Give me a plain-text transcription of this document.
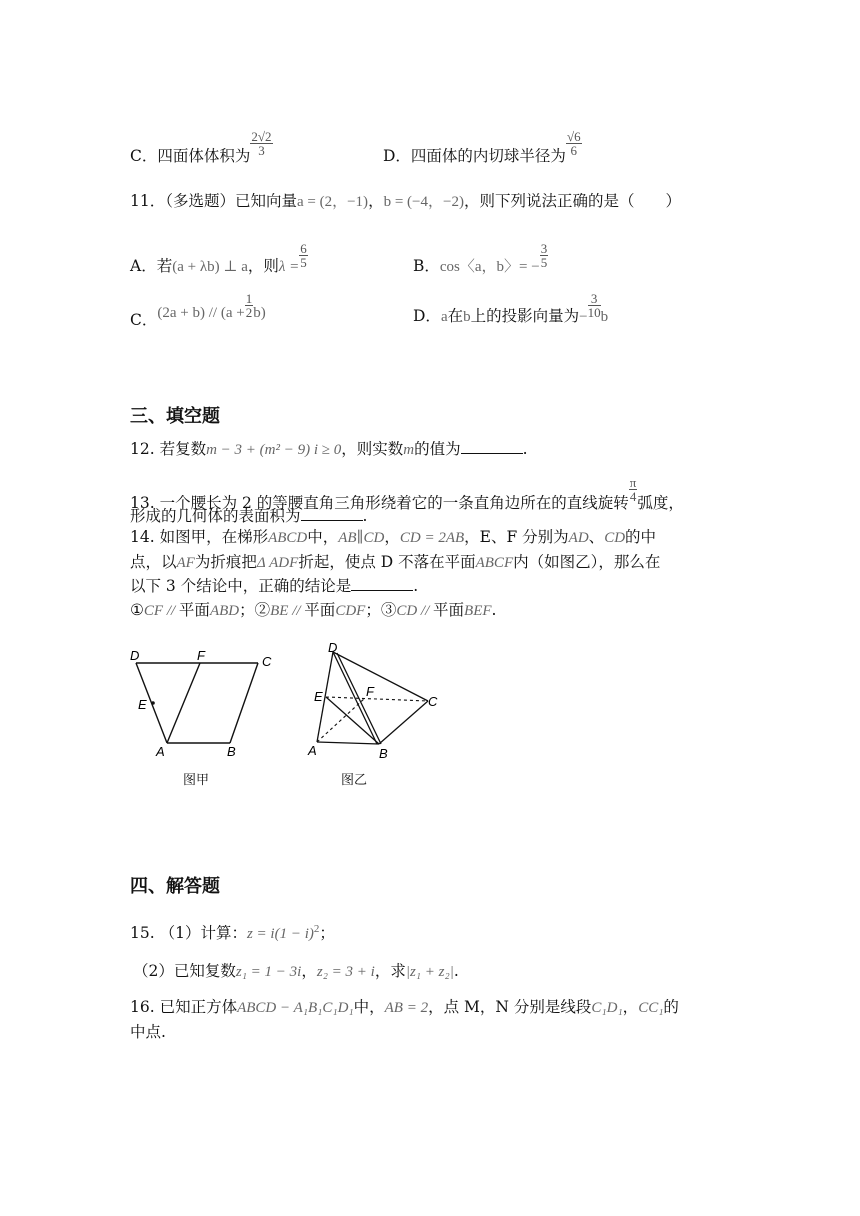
C．四面体体积为 $\frac{2√2}{3}$	D．四面体的内切球半径为 $\frac{√6}{6}$
11．（多选题）已知向量a = (2，−1)，b = (−4，−2)，则下列说法正确的是（　　）
A．若(a + λb) ⊥ a，则$\lambda = \frac{6}{5}$	B．cos〈a，b〉= − $\frac{3}{5}$
C．$(2a + b) // (a + \frac{1}{2} b)$	D．a在b上的投影向量为− $\frac{3}{10}$ b
三、填空题
12. 若复数m − 3 + (m² − 9) i ≥ 0，则实数m的值为	.
13. 一个腰长为 2 的等腰直角三角形绕着它的一条直角边所在的直线旋转 $\frac{\pi}{4}$ 弧度，
形成的几何体的表面积为	.
14. 如图甲，在梯形ABCD中，AB∥CD，CD = 2AB，E、F 分别为AD、CD的中
点，以AF为折痕把Δ ADF折起，使点 D 不落在平面ABCF内（如图乙），那么在
以下 3 个结论中，正确的结论是	.
①CF // 平面ABD；②BE // 平面CDF；③CD // 平面BEF.
D	F	C
E
A	B
图甲
D
E	F
C
A	B
图乙
四、解答题
15. （1）计算：$z = i(1 - i)^2$；
（2）已知复数z₁ = 1 − 3i，z₂ = 3 + i，求|z₁ + z₂|.
16. 已知正方体ABCD − A₁B₁C₁D₁中，AB = 2，点 M，N 分别是线段C₁D₁，CC₁的
中点.
